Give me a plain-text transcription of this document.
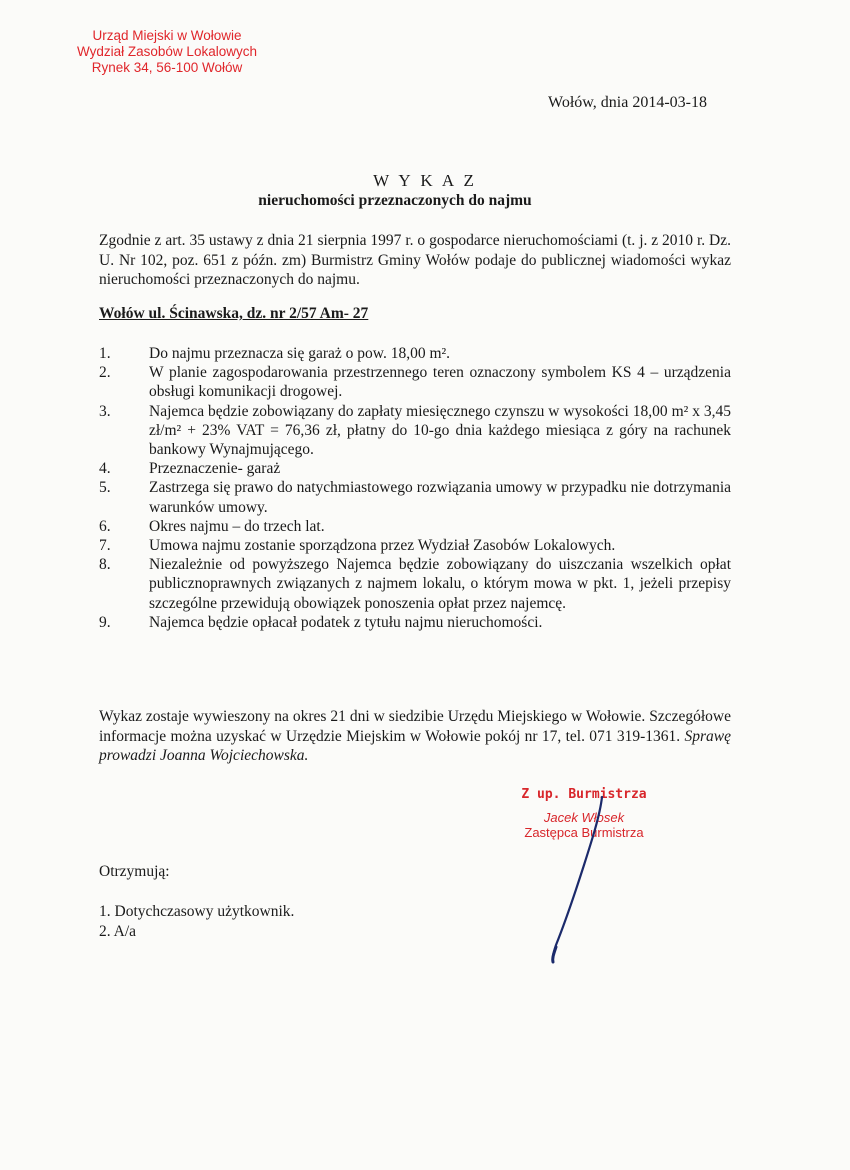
Urząd Miejski w Wołowie
Wydział Zasobów Lokalowych
Rynek 34, 56-100 Wołów
Wołów, dnia 2014-03-18
W Y K A Z
nieruchomości przeznaczonych do najmu
Zgodnie z art. 35 ustawy z dnia 21 sierpnia 1997 r. o gospodarce nieruchomościami (t. j. z 2010 r. Dz. U. Nr 102, poz. 651 z późn. zm) Burmistrz Gminy Wołów podaje do publicznej wiadomości wykaz nieruchomości przeznaczonych do najmu.
Wołów ul. Ścinawska, dz. nr 2/57 Am- 27
1.	Do najmu przeznacza się garaż o pow. 18,00 m².
2.	W planie zagospodarowania przestrzennego teren oznaczony symbolem KS 4 – urządzenia obsługi komunikacji drogowej.
3.	Najemca będzie zobowiązany do zapłaty miesięcznego czynszu w wysokości 18,00 m² x 3,45 zł/m² + 23% VAT = 76,36 zł, płatny do 10-go dnia każdego miesiąca z góry na rachunek bankowy Wynajmującego.
4.	Przeznaczenie- garaż
5.	Zastrzega się prawo do natychmiastowego rozwiązania umowy w przypadku nie dotrzymania warunków umowy.
6.	Okres najmu – do trzech lat.
7.	Umowa najmu zostanie sporządzona przez Wydział Zasobów Lokalowych.
8.	Niezależnie od powyższego Najemca będzie zobowiązany do uiszczania wszelkich opłat publicznoprawnych związanych z najmem lokalu, o którym mowa w pkt. 1, jeżeli przepisy szczególne przewidują obowiązek ponoszenia opłat przez najemcę.
9.	Najemca będzie opłacał podatek z tytułu najmu nieruchomości.
Wykaz zostaje wywieszony na okres 21 dni w siedzibie Urzędu Miejskiego w Wołowie. Szczegółowe informacje można uzyskać w Urzędzie Miejskim w Wołowie pokój nr 17, tel. 071 319-1361. Sprawę prowadzi Joanna Wojciechowska.
Z up. Burmistrza
Jacek Włosek
Zastępca Burmistrza
Otrzymują:
1. Dotychczasowy użytkownik.
2. A/a
